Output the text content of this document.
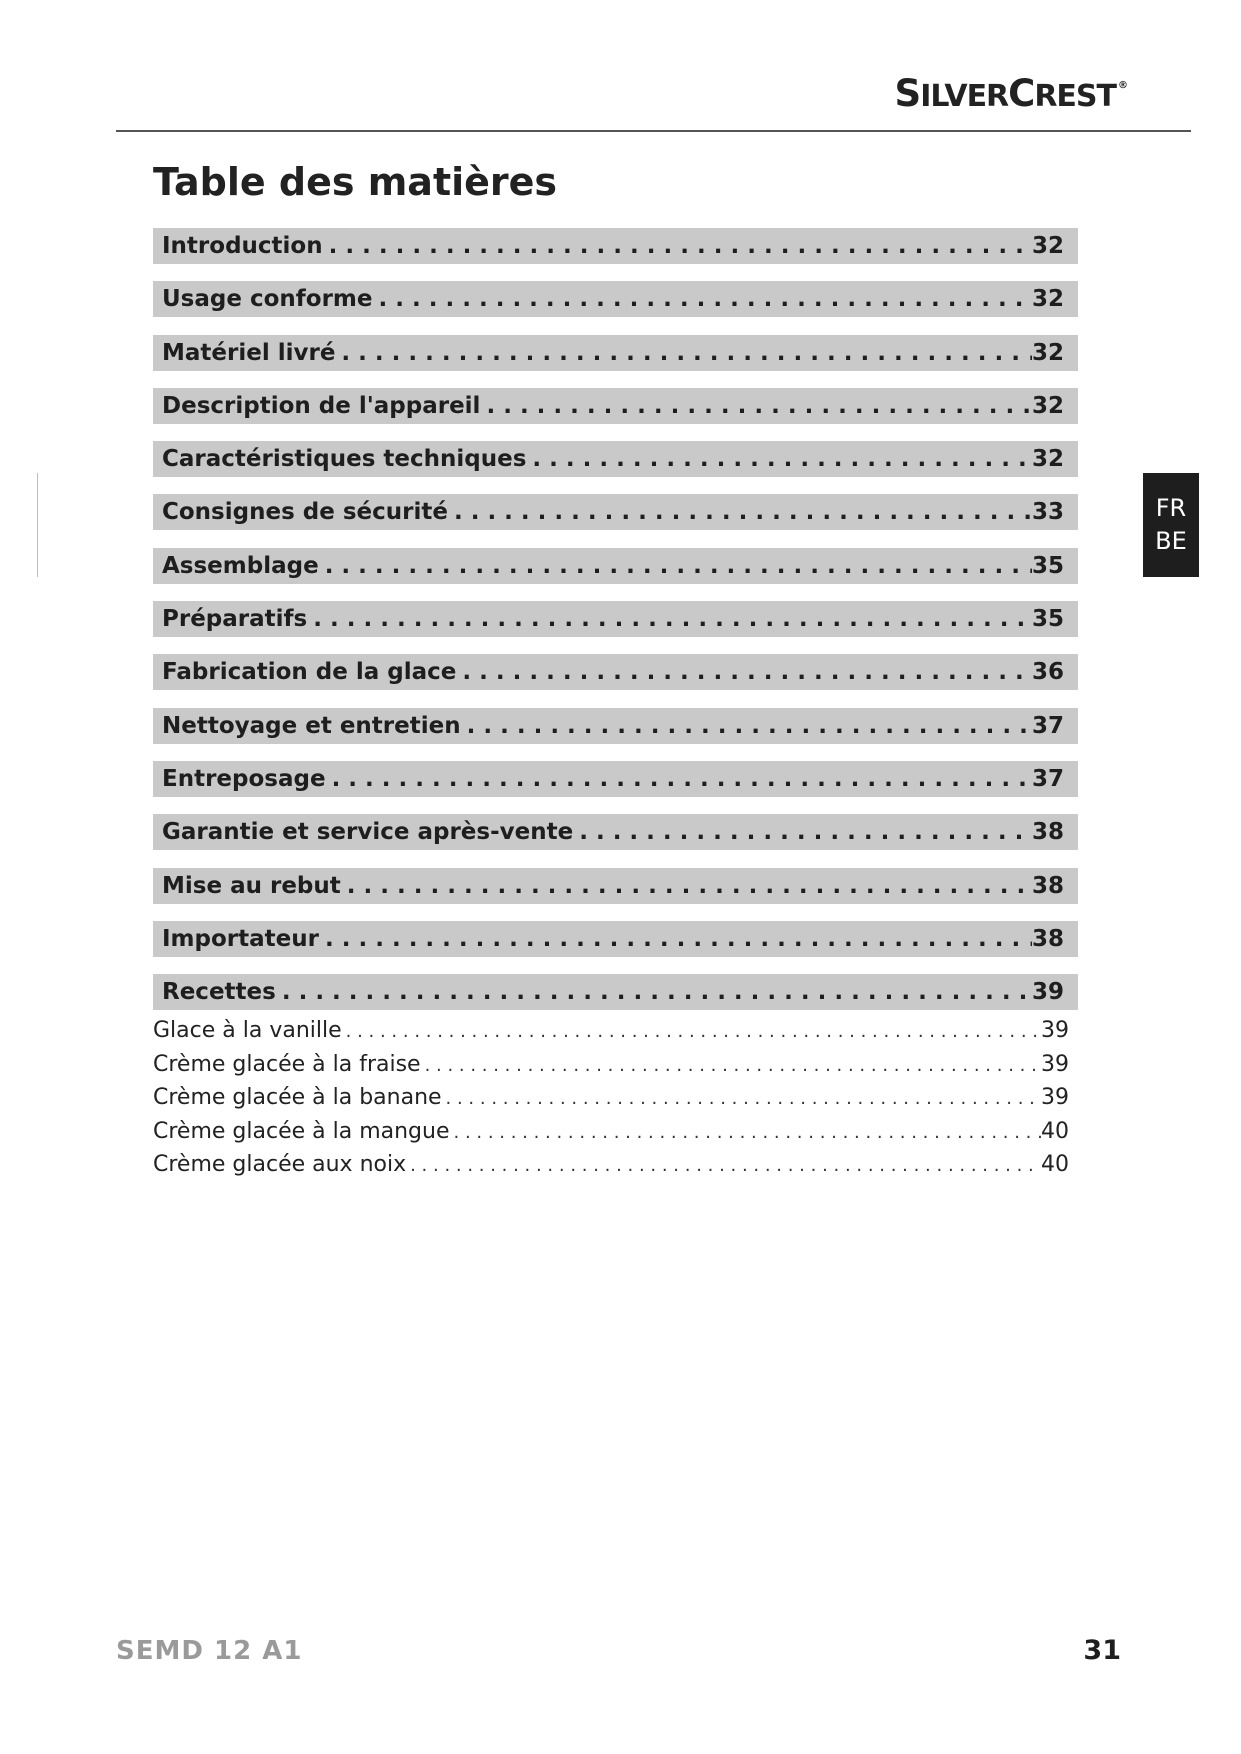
SILVERCREST ®
Table des matières
Introduction . . .	32
Usage conforme . . .	32
Matériel livré . . .	32
Description de l'appareil . . .	32
Caractéristiques techniques . . .	32
Consignes de sécurité . . .	33
Assemblage . . .	35
Préparatifs . . .	35
Fabrication de la glace . . .	36
Nettoyage et entretien . . .	37
Entreposage . . .	37
Garantie et service après-vente . . .	38
Mise au rebut . . .	38
Importateur . . .	38
Recettes . . .	39
Glace à la vanille . . .	39
Crème glacée à la fraise . . .	39
Crème glacée à la banane . . .	39
Crème glacée à la mangue . . .	40
Crème glacée aux noix . . .	40
FR
BE
SEMD 12 A1	31
